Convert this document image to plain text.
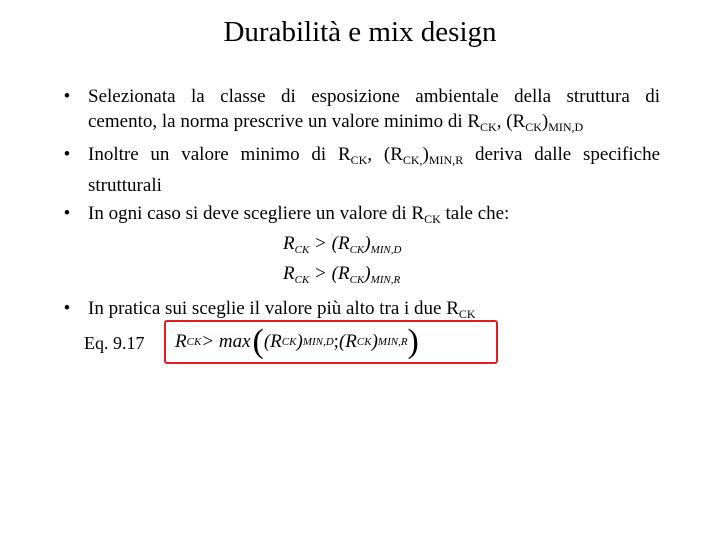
Durabilità e mix design
• Selezionata la classe di esposizione ambientale della struttura di
cemento, la norma prescrive un valore minimo di $R_{CK}$, $(R_{CK})_{MIN,D}$
• Inoltre un valore minimo di $R_{CK}$, $(R_{CK,})_{MIN,R}$ deriva dalle specifiche
strutturali
• In ogni caso si deve scegliere un valore di $R_{CK}$ tale che:
$R_{CK} > (R_{CK})_{MIN,D}$
$R_{CK} > (R_{CK})_{MIN,R}$
• In pratica sui sceglie il valore più alto tra i due $R_{CK}$
Eq. 9.17 R CK > max ( (R CK ) MIN,D ; (R CK ) MIN,R )
